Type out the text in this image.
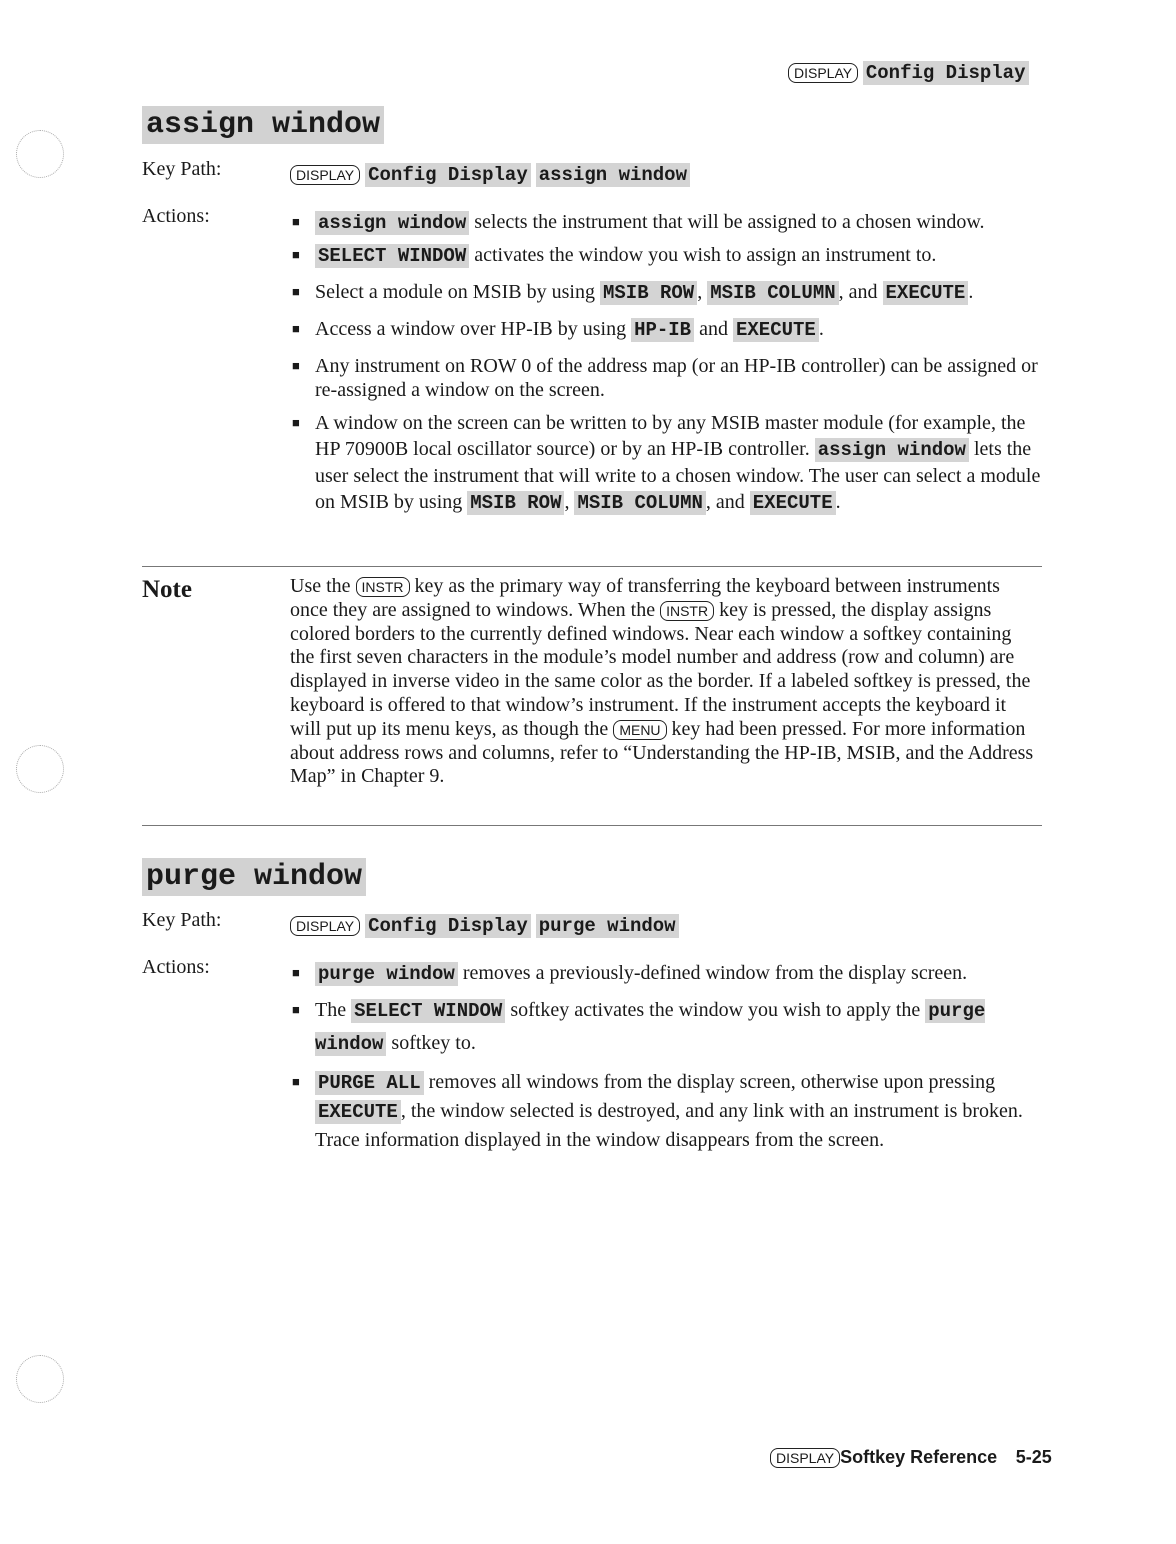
DISPLAY Config Display
assign window
Key Path:	DISPLAY Config Display assign window
Actions:	■ assign window selects the instrument that will be assigned to a chosen window.

■ SELECT WINDOW activates the window you wish to assign an instrument to.

■ Select a module on MSIB by using MSIB ROW , MSIB COLUMN , and EXECUTE .

■ Access a window over HP-IB by using HP-IB and EXECUTE .

■ Any instrument on ROW 0 of the address map (or an HP-IB controller) can be assigned or re-assigned a window on the screen.

■ A window on the screen can be written to by any MSIB master module (for example, the HP 70900B local oscillator source) or by an HP-IB controller. assign window lets the user select the instrument that will write to a chosen window. The user can select a module on MSIB by using MSIB ROW , MSIB COLUMN , and EXECUTE .

Note	Use the INSTR key as the primary way of transferring the keyboard between instruments once they are assigned to windows. When the INSTR key is pressed, the display assigns colored borders to the currently defined windows. Near each window a softkey containing the first seven characters in the module’s model number and address (row and column) are displayed in inverse video in the same color as the border. If a labeled softkey is pressed, the keyboard is offered to that window’s instrument. If the instrument accepts the keyboard it will put up its menu keys, as though the MENU key had been pressed. For more information about address rows and columns, refer to “Understanding the HP-IB, MSIB, and the Address Map” in Chapter 9.
purge window
Key Path:	DISPLAY Config Display purge window
Actions:	■ purge window removes a previously-defined window from the display screen.

■ The SELECT WINDOW softkey activates the window you wish to apply the purge window softkey to.

■ PURGE ALL removes all windows from the display screen, otherwise upon pressing EXECUTE , the window selected is destroyed, and any link with an instrument is broken. Trace information displayed in the window disappears from the screen.

DISPLAY Softkey Reference 5-25
